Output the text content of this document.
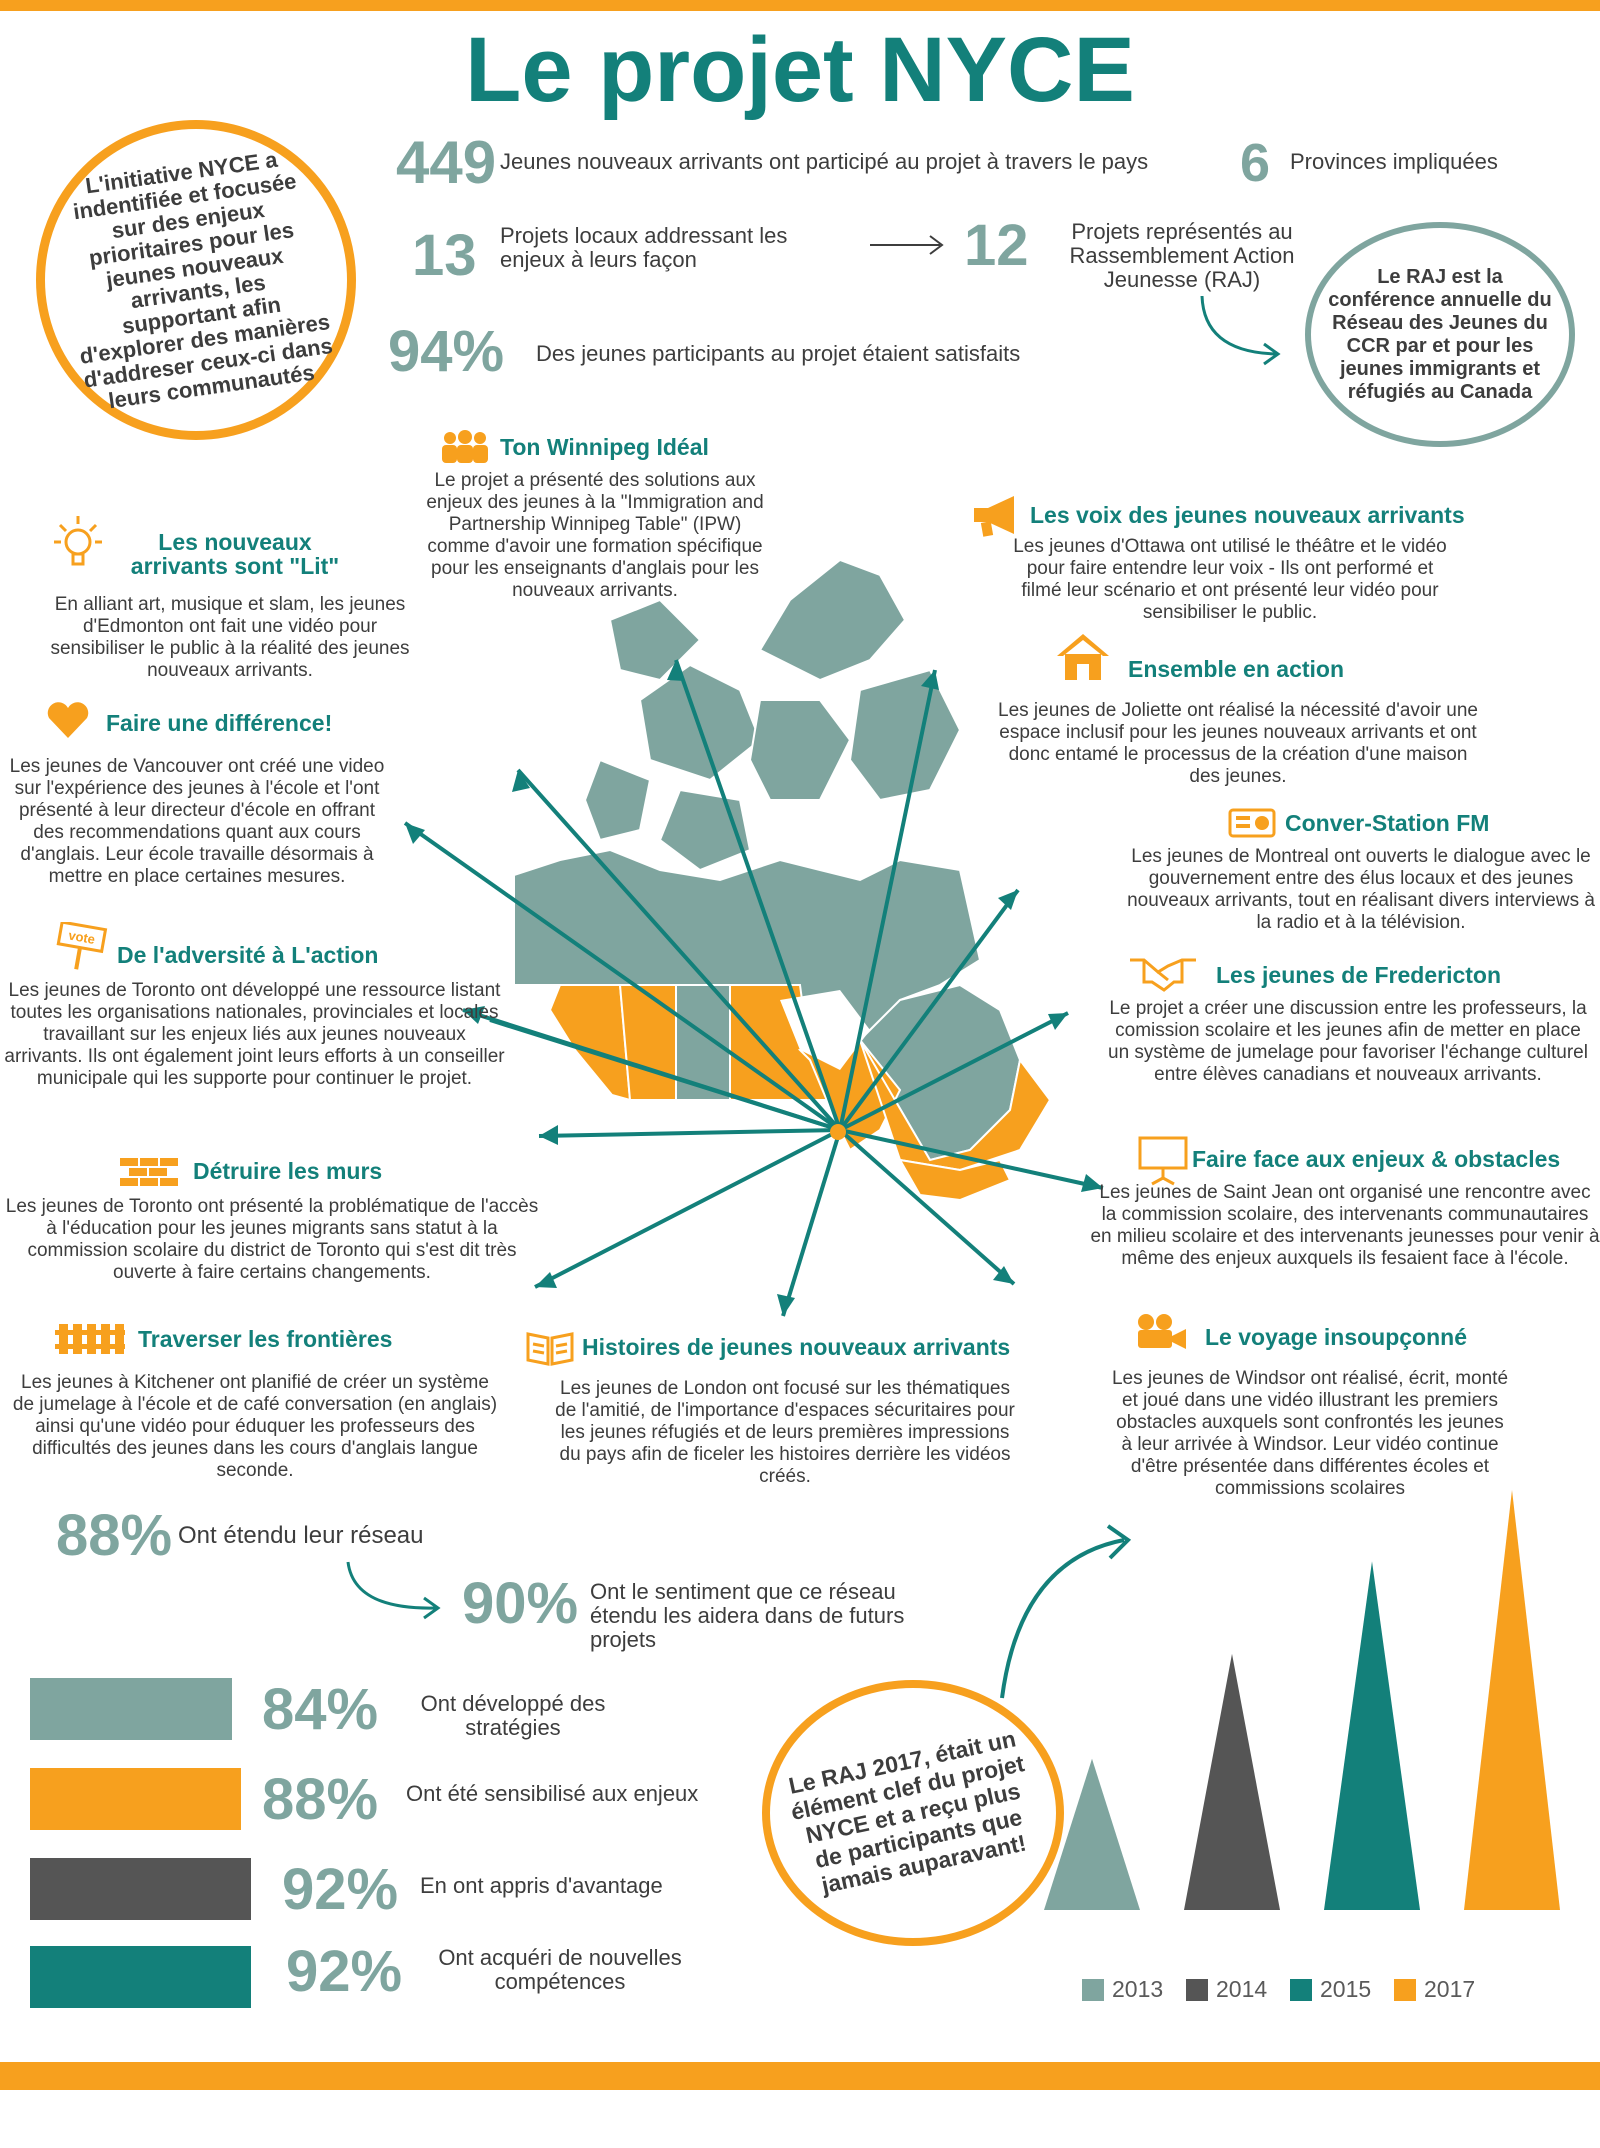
Le projet NYCE
L'initiative NYCE a indentifiée et focusée sur des enjeux prioritaires pour les jeunes nouveaux arrivants, les supportant afin d'explorer des manières d'addreser ceux-ci dans leurs communautés
449 Jeunes nouveaux arrivants ont participé au projet à travers le pays 6 Provinces impliquées
13 Projets locaux addressant les enjeux à leurs façon	12	Projets représentés au Rassemblement Action Jeunesse (RAJ)
94% Des jeunes participants au projet étaient satisfaits
Le RAJ est la conférence annuelle du Réseau des Jeunes du CCR par et pour les jeunes immigrants et réfugiés au Canada
Ton Winnipeg Idéal
Le projet a présenté des solutions aux enjeux des jeunes à la "Immigration and Partnership Winnipeg Table" (IPW) comme d'avoir une formation spécifique pour les enseignants d'anglais pour les nouveaux arrivants.
Les nouveaux arrivants sont "Lit"
En alliant art, musique et slam, les jeunes d'Edmonton ont fait une vidéo pour sensibiliser le public à la réalité des jeunes nouveaux arrivants.
Faire une différence!
Les jeunes de Vancouver ont créé une video sur l'expérience des jeunes à l'école et l'ont présenté à leur directeur d'école en offrant des recommendations quant aux cours d'anglais. Leur école travaille désormais à mettre en place certaines mesures.
vote
De l'adversité à L'action
Les jeunes de Toronto ont développé une ressource listant toutes les organisations nationales, provinciales et locales travaillant sur les enjeux liés aux jeunes nouveaux arrivants. Ils ont également joint leurs efforts à un conseiller municipale qui les supporte pour continuer le projet.
Détruire les murs
Les jeunes de Toronto ont présenté la problématique de l'accès à l'éducation pour les jeunes migrants sans statut à la commission scolaire du district de Toronto qui s'est dit très ouverte à faire certains changements.
Traverser les frontières
Les jeunes à Kitchener ont planifié de créer un système de jumelage à l'école et de café conversation (en anglais) ainsi qu'une vidéo pour éduquer les professeurs des difficultés des jeunes dans les cours d'anglais langue seconde.
Histoires de jeunes nouveaux arrivants
Les jeunes de London ont focusé sur les thématiques de l'amitié, de l'importance d'espaces sécuritaires pour les jeunes réfugiés et de leurs premières impressions du pays afin de ficeler les histoires derrière les vidéos créés.
Les voix des jeunes nouveaux arrivants
Les jeunes d'Ottawa ont utilisé le théâtre et le vidéo pour faire entendre leur voix - Ils ont performé et filmé leur scénario et ont présenté leur vidéo pour sensibiliser le public.
Ensemble en action
Les jeunes de Joliette ont réalisé la nécessité d'avoir une espace inclusif pour les jeunes nouveaux arrivants et ont donc entamé le processus de la création d'une maison des jeunes.
Conver-Station FM
Les jeunes de Montreal ont ouverts le dialogue avec le gouvernement entre des élus locaux et des jeunes nouveaux arrivants, tout en réalisant divers interviews à la radio et à la télévision.
Les jeunes de Fredericton
Le projet a créer une discussion entre les professeurs, la comission scolaire et les jeunes afin de metter en place un système de jumelage pour favoriser l'échange culturel entre élèves canadians et nouveaux arrivants.
Faire face aux enjeux & obstacles
Les jeunes de Saint Jean ont organisé une rencontre avec la commission scolaire, des intervenants communautaires en milieu scolaire et des intervenants jeunesses pour venir à même des enjeux auxquels ils fesaient face à l'école.
Le voyage insoupçonné
Les jeunes de Windsor ont réalisé, écrit, monté et joué dans une vidéo illustrant les premiers obstacles auxquels sont confrontés les jeunes à leur arrivée à Windsor. Leur vidéo continue d'être présentée dans différentes écoles et commissions scolaires
88% Ont étendu leur réseau
90% Ont le sentiment que ce réseau étendu les aidera dans de futurs projets
84%	Ont développé des stratégies
88% Ont été sensibilisé aux enjeux
92% En ont appris d'avantage
92%	Ont acquéri de nouvelles compétences
Le RAJ 2017, était un élément clef du projet NYCE et a reçu plus de participants que jamais auparavant!
2013 2014 2015 2017
